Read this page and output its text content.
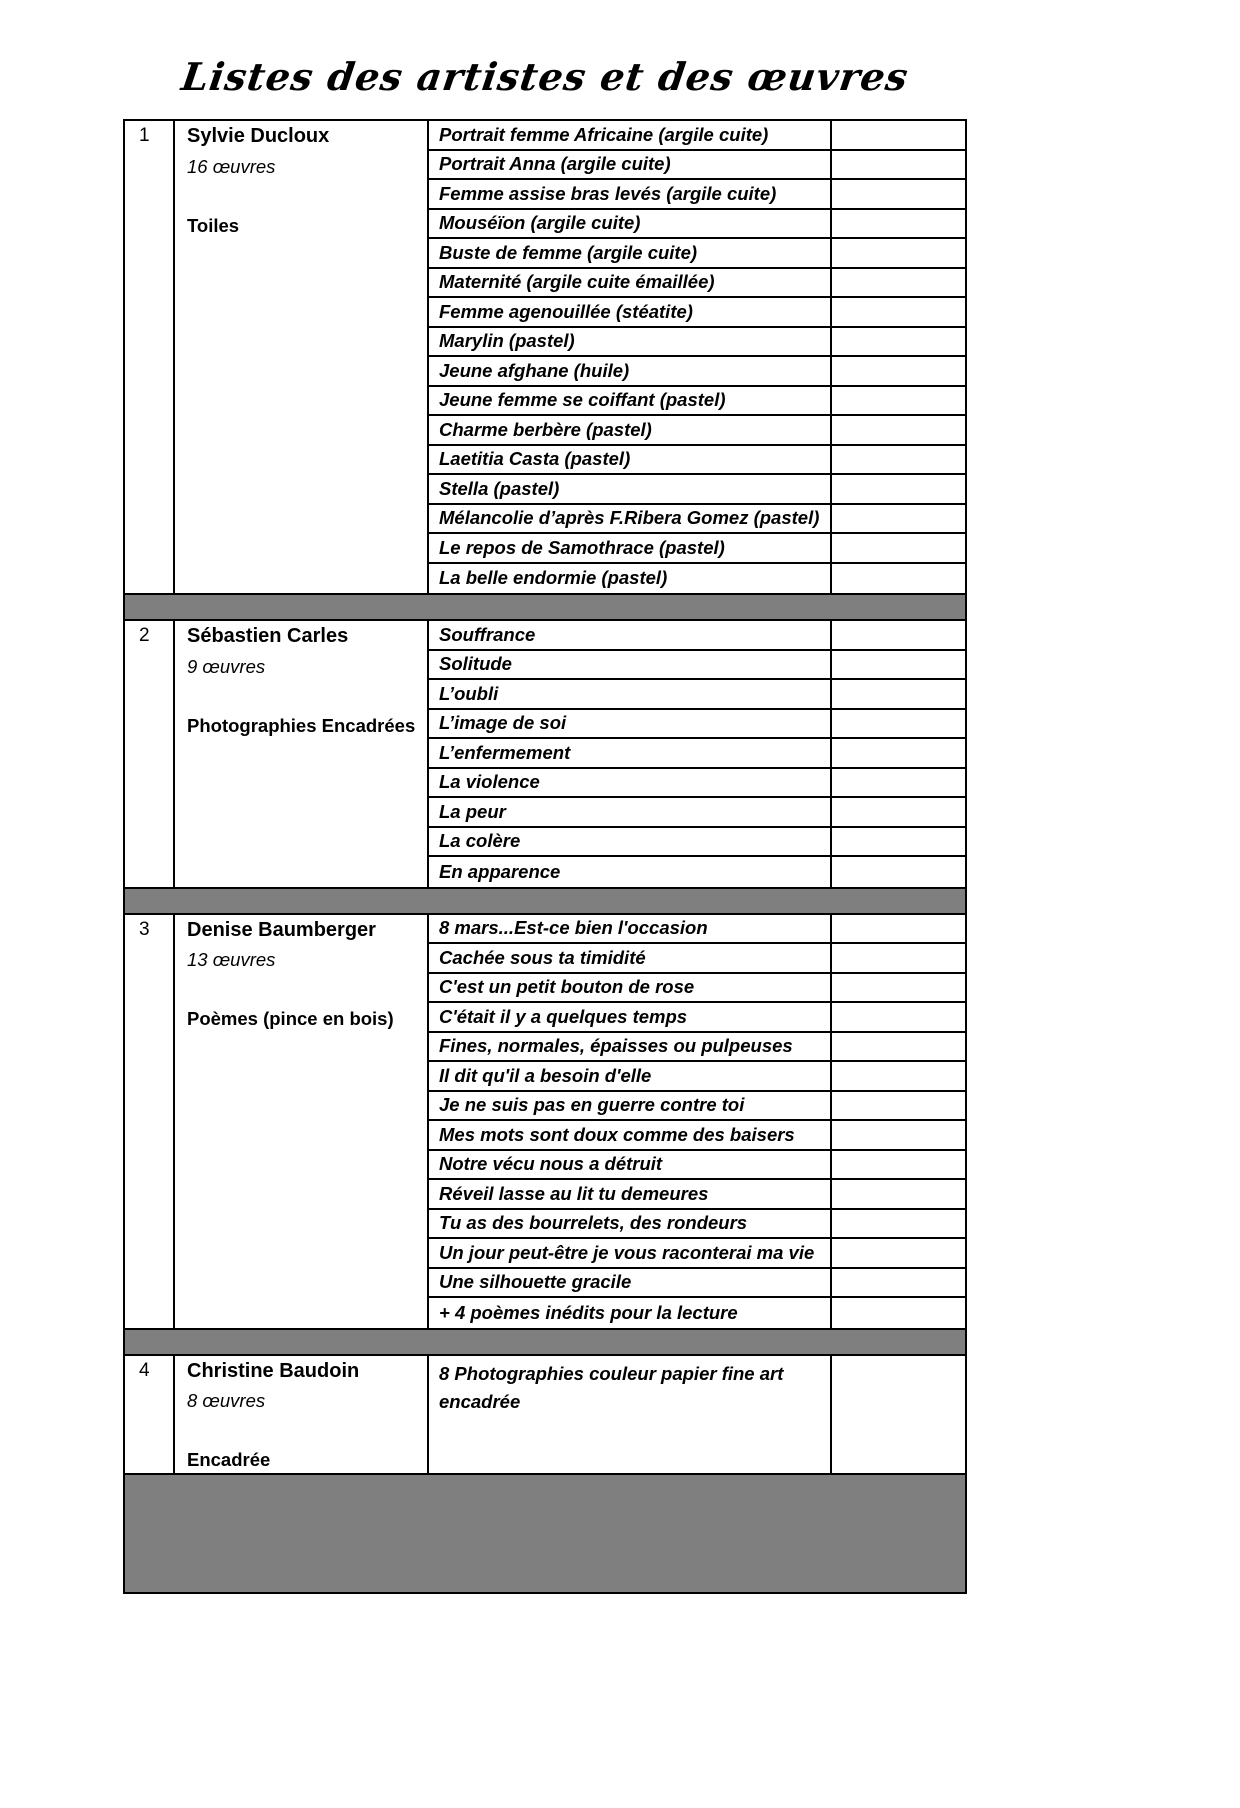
Listes des artistes et des œuvres
1	Sylvie Ducloux
16 œuvres
Toiles
Portrait femme Africaine (argile cuite)
Portrait Anna (argile cuite)
Femme assise bras levés (argile cuite)
Mouséïon (argile cuite)
Buste de femme (argile cuite)
Maternité (argile cuite émaillée)
Femme agenouillée (stéatite)
Marylin (pastel)
Jeune afghane (huile)
Jeune femme se coiffant (pastel)
Charme berbère (pastel)
Laetitia Casta (pastel)
Stella (pastel)
Mélancolie d’après F.Ribera Gomez (pastel)
Le repos de Samothrace (pastel)
La belle endormie (pastel)
2	Sébastien Carles
9 œuvres
Photographies Encadrées
Souffrance
Solitude
L’oubli
L’image de soi
L’enfermement
La violence
La peur
La colère
En apparence
3	Denise Baumberger
13 œuvres
Poèmes (pince en bois)
8 mars...Est-ce bien l'occasion
Cachée sous ta timidité
C'est un petit bouton de rose
C'était il y a quelques temps
Fines, normales, épaisses ou pulpeuses
Il dit qu'il a besoin d'elle
Je ne suis pas en guerre contre toi
Mes mots sont doux comme des baisers
Notre vécu nous a détruit
Réveil lasse au lit tu demeures
Tu as des bourrelets, des rondeurs
Un jour peut-être je vous raconterai ma vie
Une silhouette gracile
+ 4 poèmes inédits pour la lecture
4	Christine Baudoin
8 œuvres
Encadrée
8 Photographies couleur papier fine art encadrée
